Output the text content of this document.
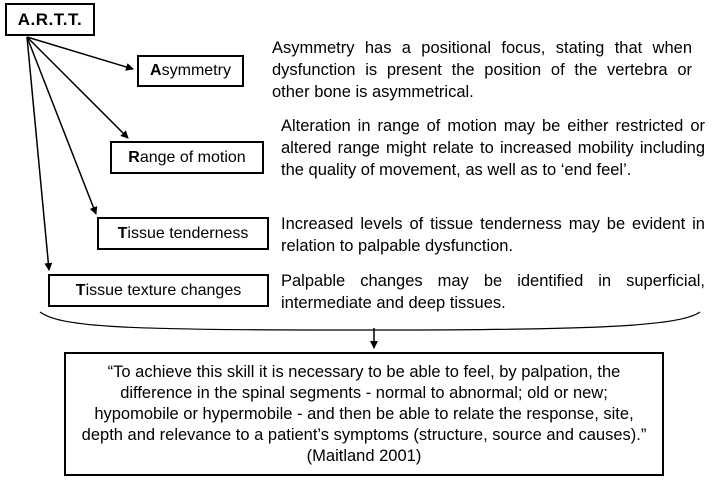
A.R.T.T.
Asymmetry

Asymmetry has a positional focus, stating that when dysfunction is present the position of the vertebra or other bone is asymmetrical.

Range of motion

Alteration in range of motion may be either restricted or altered range might relate to increased mobility including the quality of movement, as well as to ‘end feel’.

Tissue tenderness Increased levels of tissue tenderness may be evident in relation to palpable dysfunction.

Tissue texture changes Palpable changes may be identified in superficial, intermediate and deep tissues.

“To achieve this skill it is necessary to be able to feel, by palpation, the difference in the spinal segments - normal to abnormal; old or new; hypomobile or hypermobile - and then be able to relate the response, site, depth and relevance to a patient’s symptoms (structure, source and causes).” (Maitland 2001)
